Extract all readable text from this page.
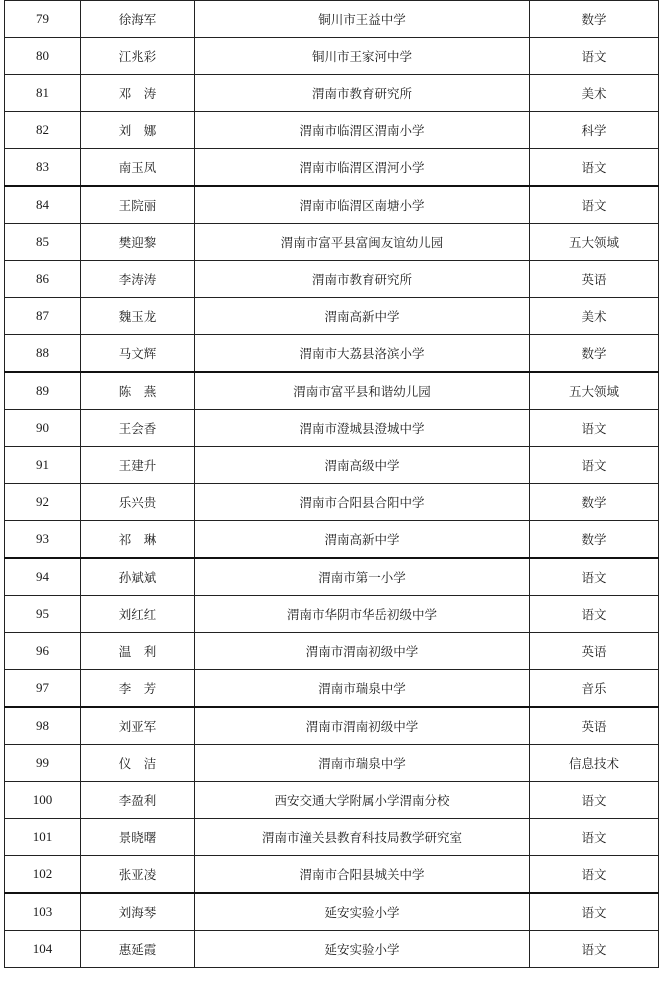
79	徐海军	铜川市王益中学	数学
80	江兆彩	铜川市王家河中学	语文
81	邓　涛	渭南市教育研究所	美术
82	刘　娜	渭南市临渭区渭南小学	科学
83	南玉凤	渭南市临渭区渭河小学	语文
84	王院丽	渭南市临渭区南塘小学	语文
85	樊迎黎	渭南市富平县富闽友谊幼儿园	五大领域
86	李涛涛	渭南市教育研究所	英语
87	魏玉龙	渭南高新中学	美术
88	马文辉	渭南市大荔县洛滨小学	数学
89	陈　燕	渭南市富平县和谐幼儿园	五大领域
90	王会香	渭南市澄城县澄城中学	语文
91	王建升	渭南高级中学	语文
92	乐兴贵	渭南市合阳县合阳中学	数学
93	祁　琳	渭南高新中学	数学
94	孙斌斌	渭南市第一小学	语文
95	刘红红	渭南市华阴市华岳初级中学	语文
96	温　利	渭南市渭南初级中学	英语
97	李　芳	渭南市瑞泉中学	音乐
98	刘亚军	渭南市渭南初级中学	英语
99	仪　洁	渭南市瑞泉中学	信息技术
100	李盈利	西安交通大学附属小学渭南分校	语文
101	景晓曙	渭南市潼关县教育科技局教学研究室	语文
102	张亚凌	渭南市合阳县城关中学	语文
103	刘海琴	延安实验小学	语文
104	惠延霞	延安实验小学	语文
